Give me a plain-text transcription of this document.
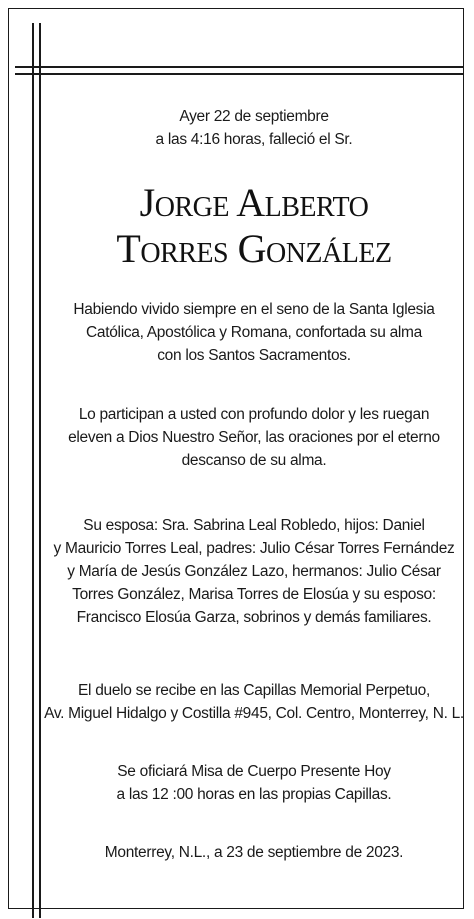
Ayer 22 de septiembre
a las 4:16 horas, falleció el Sr.
Jorge Alberto
Torres González
Habiendo vivido siempre en el seno de la Santa Iglesia
Católica, Apostólica y Romana, confortada su alma
con los Santos Sacramentos.
Lo participan a usted con profundo dolor y les ruegan
eleven a Dios Nuestro Señor, las oraciones por el eterno
descanso de su alma.
Su esposa: Sra. Sabrina Leal Robledo, hijos: Daniel
y Mauricio Torres Leal, padres: Julio César Torres Fernández
y María de Jesús González Lazo, hermanos: Julio César
Torres González, Marisa Torres de Elosúa y su esposo:
Francisco Elosúa Garza, sobrinos y demás familiares.
El duelo se recibe en las Capillas Memorial Perpetuo,
Av. Miguel Hidalgo y Costilla #945, Col. Centro, Monterrey, N. L.
Se oficiará Misa de Cuerpo Presente Hoy
a las 12 :00 horas en las propias Capillas.
Monterrey, N.L., a 23 de septiembre de 2023.
